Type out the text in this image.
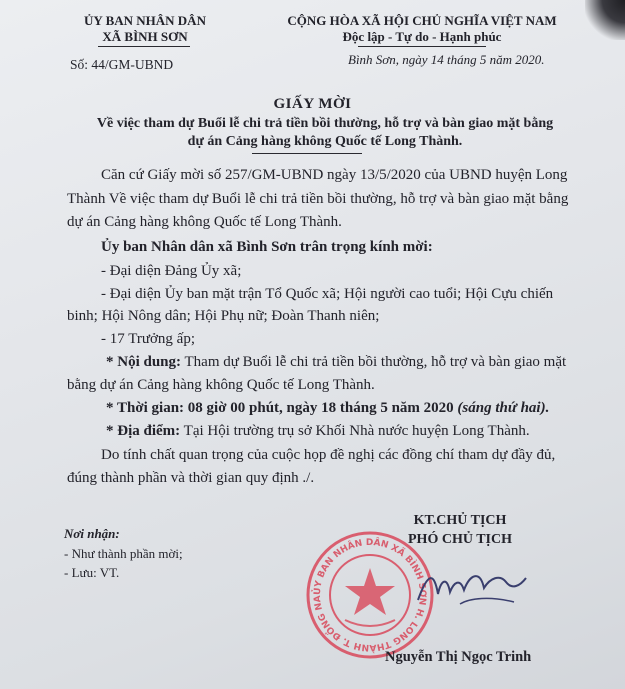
ỦY BAN NHÂN DÂN
XÃ BÌNH SƠN
CỘNG HÒA XÃ HỘI CHỦ NGHĨA VIỆT NAM
Độc lập - Tự do - Hạnh phúc
Số: 44/GM-UBND	Bình Sơn, ngày 14 tháng 5 năm 2020.
GIẤY MỜI
Về việc tham dự Buổi lễ chi trả tiền bồi thường, hỗ trợ và bàn giao mặt bằng
dự án Cảng hàng không Quốc tế Long Thành.
Căn cứ Giấy mời số 257/GM-UBND ngày 13/5/2020 của UBND huyện Long
Thành Về việc tham dự Buổi lễ chi trả tiền bồi thường, hỗ trợ và bàn giao mặt bằng
dự án Cảng hàng không Quốc tế Long Thành.
Ủy ban Nhân dân xã Bình Sơn trân trọng kính mời:
- Đại diện Đảng Ủy xã;
- Đại diện Ủy ban mặt trận Tổ Quốc xã; Hội người cao tuổi; Hội Cựu chiến
binh; Hội Nông dân; Hội Phụ nữ; Đoàn Thanh niên;
- 17 Trưởng ấp;
* Nội dung: Tham dự Buổi lễ chi trả tiền bồi thường, hỗ trợ và bàn giao mặt
bằng dự án Cảng hàng không Quốc tế Long Thành.
* Thời gian: 08 giờ 00 phút, ngày 18 tháng 5 năm 2020 (sáng thứ hai).
* Địa điểm: Tại Hội trường trụ sở Khối Nhà nước huyện Long Thành.
Do tính chất quan trọng của cuộc họp đề nghị các đồng chí tham dự đầy đủ,
đúng thành phần và thời gian quy định ./.
Nơi nhận:
- Như thành phần mời;
- Lưu: VT.
KT.CHỦ TỊCH
PHÓ CHỦ TỊCH
ỦY BAN NHÂN DÂN XÃ BÌNH SƠN H. LONG THÀNH T. ĐỒNG NA
Nguyễn Thị Ngọc Trinh
